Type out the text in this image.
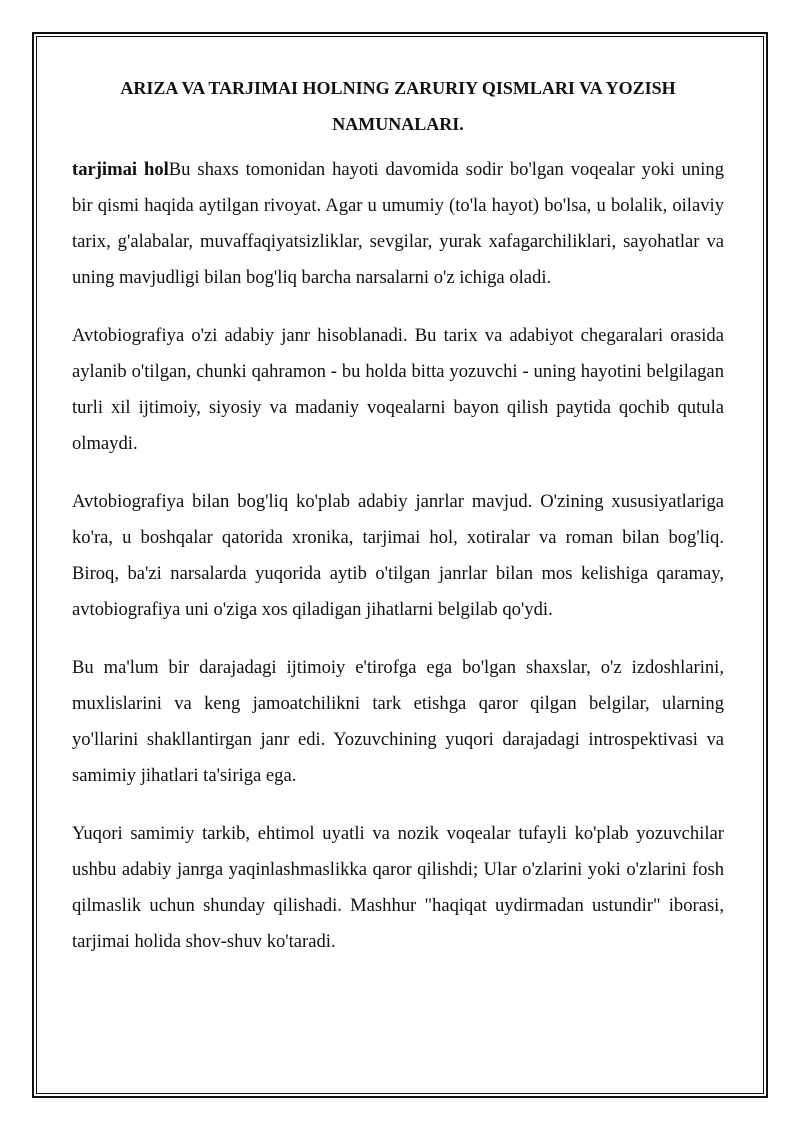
ARIZA VA TARJIMAI HOLNING ZARURIY QISMLARI VA YOZISH NAMUNALARI.

tarjimai holBu shaxs tomonidan hayoti davomida sodir bo'lgan voqealar yoki uning bir qismi haqida aytilgan rivoyat. Agar u umumiy (to'la hayot) bo'lsa, u bolalik, oilaviy tarix, g'alabalar, muvaffaqiyatsizliklar, sevgilar, yurak xafagarchiliklari, sayohatlar va uning mavjudligi bilan bog'liq barcha narsalarni o'z ichiga oladi.

Avtobiografiya o'zi adabiy janr hisoblanadi. Bu tarix va adabiyot chegaralari orasida aylanib o'tilgan, chunki qahramon - bu holda bitta yozuvchi - uning hayotini belgilagan turli xil ijtimoiy, siyosiy va madaniy voqealarni bayon qilish paytida qochib qutula olmaydi.

Avtobiografiya bilan bog'liq ko'plab adabiy janrlar mavjud. O'zining xususiyatlariga ko'ra, u boshqalar qatorida xronika, tarjimai hol, xotiralar va roman bilan bog'liq. Biroq, ba'zi narsalarda yuqorida aytib o'tilgan janrlar bilan mos kelishiga qaramay, avtobiografiya uni o'ziga xos qiladigan jihatlarni belgilab qo'ydi.

Bu ma'lum bir darajadagi ijtimoiy e'tirofga ega bo'lgan shaxslar, o'z izdoshlarini, muxlislarini va keng jamoatchilikni tark etishga qaror qilgan belgilar, ularning yo'llarini shakllantirgan janr edi. Yozuvchining yuqori darajadagi introspektivasi va samimiy jihatlari ta'siriga ega.

Yuqori samimiy tarkib, ehtimol uyatli va nozik voqealar tufayli ko'plab yozuvchilar ushbu adabiy janrga yaqinlashmaslikka qaror qilishdi; Ular o'zlarini yoki o'zlarini fosh qilmaslik uchun shunday qilishadi. Mashhur "haqiqat uydirmadan ustundir" iborasi, tarjimai holida shov-shuv ko'taradi.
